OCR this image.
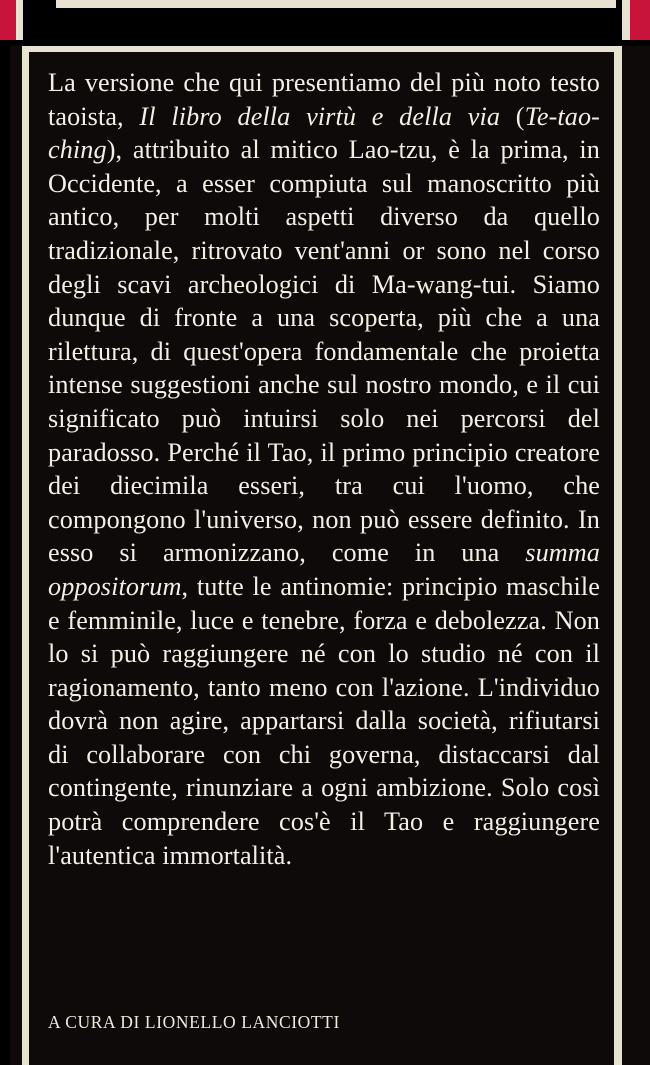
La versione che qui presentiamo del più noto testo taoista, Il libro della virtù e della via (Te-tao-ching), attribuito al mitico Lao-tzu, è la prima, in Occidente, a esser compiuta sul manoscritto più antico, per molti aspetti diverso da quello tradizionale, ritrovato vent'anni or sono nel corso degli scavi archeologici di Ma-wang-tui. Siamo dunque di fronte a una scoperta, più che a una rilettura, di quest'opera fondamentale che proietta intense suggestioni anche sul nostro mondo, e il cui significato può intuirsi solo nei percorsi del paradosso. Perché il Tao, il primo principio creatore dei diecimila esseri, tra cui l'uomo, che compongono l'universo, non può essere definito. In esso si armonizzano, come in una summa oppositorum, tutte le antinomie: principio maschile e femminile, luce e tenebre, forza e debolezza. Non lo si può raggiungere né con lo studio né con il ragionamento, tanto meno con l'azione. L'individuo dovrà non agire, appartarsi dalla società, rifiutarsi di collaborare con chi governa, distaccarsi dal contingente, rinunziare a ogni ambizione. Solo così potrà comprendere cos'è il Tao e raggiungere l'autentica immortalità.

A CURA DI LIONELLO LANCIOTTI
